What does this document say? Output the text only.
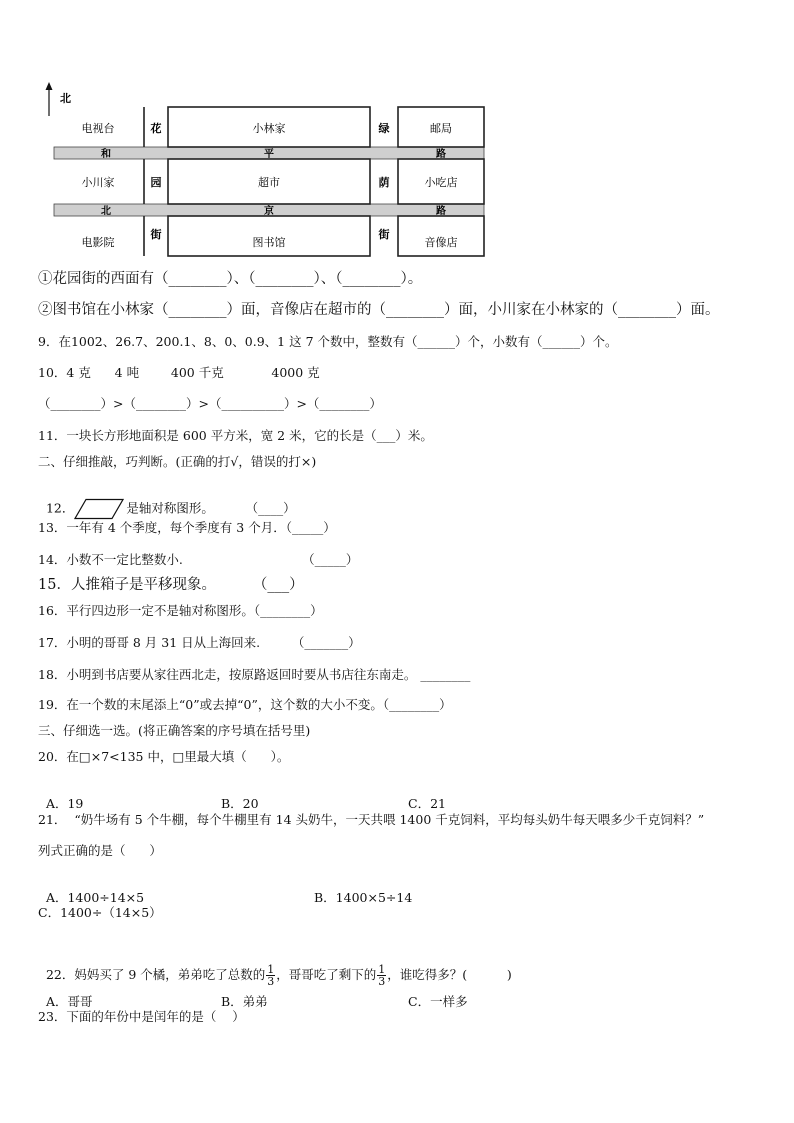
北
电视台	小林家	邮局
小川家	超市	小吃店
电影院	图书馆	音像店
花
园
街
绿
荫
街
和	平	路
北	京	路
①花园街的西面有（________）、（________）、（________）。
②图书馆在小林家（________）面，音像店在超市的（________）面，小川家在小林家的（________）面。
9．在1002、26.7、200.1、8、0、0.9、1 这 7 个数中，整数有（______）个，小数有（______）个。
10．4 克      4 吨        400 千克            4000 克
（________）>（________）>（__________）>（________）
11．一块长方形地面积是 600 平方米，宽 2 米，它的长是（___）米。
二、仔细推敲，巧判断。(正确的打√，错误的打×)

12．	是轴对称图形。        （____）

13．一年有 4 个季度，每个季度有 3 个月．（_____）
14．小数不一定比整数小.                              （_____）
15．人推箱子是平移现象。        （___）
16．平行四边形一定不是轴对称图形。（________）
17．小明的哥哥 8 月 31 日从上海回来.        （_______）
18．小明到书店要从家往西北走，按原路返回时要从书店往东南走。 ________
19．在一个数的末尾添上“0”或去掉“0”，这个数的大小不变。（________）
三、仔细选一选。(将正确答案的序号填在括号里)
20．在□×7<135 中，□里最大填（      ）。

A．19	B．20	C．21

21．  “奶牛场有 5 个牛棚，每个牛棚里有 14 头奶牛，一天共喂 1400 千克饲料，平均每头奶牛每天喂多少千克饲料？”
列式正确的是（      ）

A．1400÷14×5	B．1400×5÷14

C．1400÷（14×5）

22．妈妈买了 9 个橘，弟弟吃了总数的 $\frac{1}{3}$ ，哥哥吃了剩下的 $\frac{1}{3}$ ，谁吃得多？(          )

A．哥哥	B．弟弟	C．一样多

23．下面的年份中是闰年的是（    ）
